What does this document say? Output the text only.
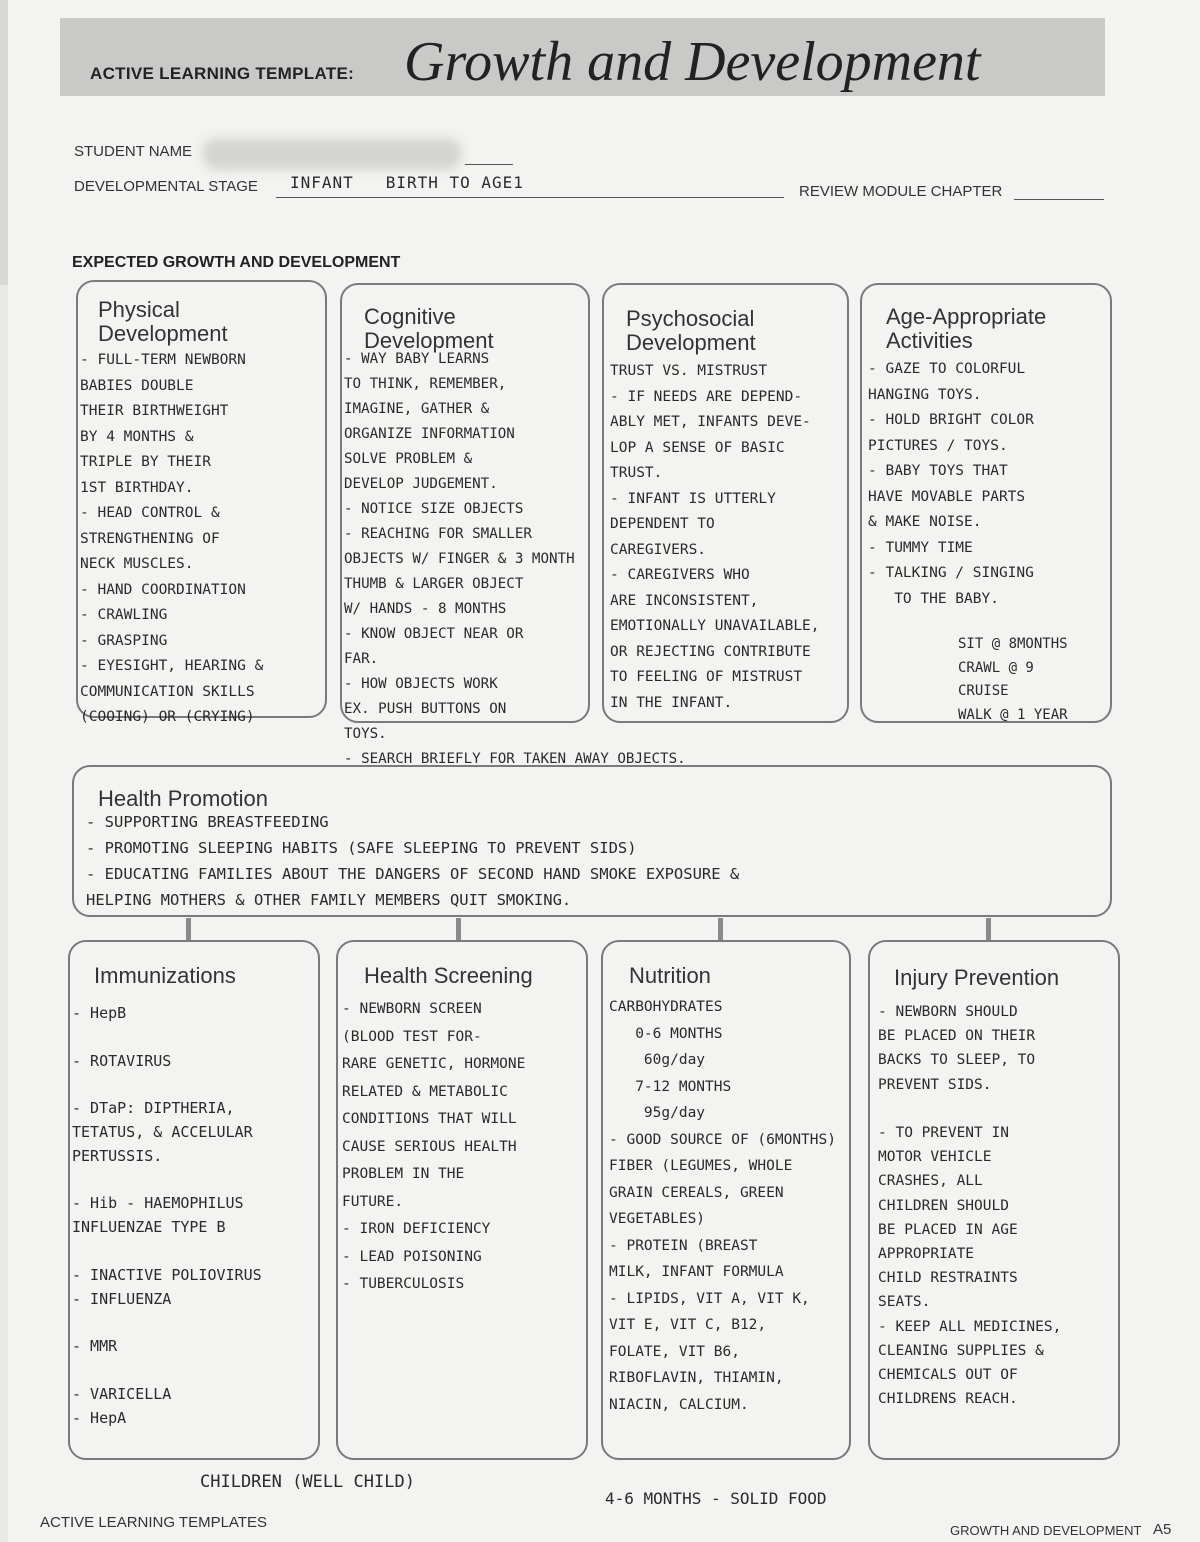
ACTIVE LEARNING TEMPLATE: Growth and Development
STUDENT NAME
DEVELOPMENTAL STAGE INFANT   BIRTH TO AGE1	REVIEW MODULE CHAPTER
EXPECTED GROWTH AND DEVELOPMENT
Physical
Development
- FULL-TERM NEWBORN
BABIES DOUBLE
THEIR BIRTHWEIGHT
BY 4 MONTHS &
TRIPLE BY THEIR
1ST BIRTHDAY.
- HEAD CONTROL &
STRENGTHENING OF
NECK MUSCLES.
- HAND COORDINATION
- CRAWLING
- GRASPING
- EYESIGHT, HEARING &
COMMUNICATION SKILLS
(COOING) OR (CRYING)
Cognitive
Development
- WAY BABY LEARNS
TO THINK, REMEMBER,
IMAGINE, GATHER &
ORGANIZE INFORMATION
SOLVE PROBLEM &
DEVELOP JUDGEMENT.
- NOTICE SIZE OBJECTS
- REACHING FOR SMALLER
OBJECTS W/ FINGER & 3 MONTH
THUMB & LARGER OBJECT
W/ HANDS - 8 MONTHS
- KNOW OBJECT NEAR OR
FAR.
- HOW OBJECTS WORK
EX. PUSH BUTTONS ON
TOYS.
- SEARCH BRIEFLY FOR TAKEN AWAY OBJECTS.
Psychosocial
Development
TRUST VS. MISTRUST
- IF NEEDS ARE DEPEND-
ABLY MET, INFANTS DEVE-
LOP A SENSE OF BASIC
TRUST.
- INFANT IS UTTERLY
DEPENDENT TO
CAREGIVERS.
- CAREGIVERS WHO
ARE INCONSISTENT,
EMOTIONALLY UNAVAILABLE,
OR REJECTING CONTRIBUTE
TO FEELING OF MISTRUST
IN THE INFANT.
Age-Appropriate
Activities
- GAZE TO COLORFUL
HANGING TOYS.
- HOLD BRIGHT COLOR
PICTURES / TOYS.
- BABY TOYS THAT
HAVE MOVABLE PARTS
& MAKE NOISE.
- TUMMY TIME
- TALKING / SINGING
TO THE BABY.
SIT @ 8MONTHS
CRAWL @ 9
CRUISE
WALK @ 1 YEAR
Health Promotion
- SUPPORTING BREASTFEEDING
- PROMOTING SLEEPING HABITS (SAFE SLEEPING TO PREVENT SIDS)
- EDUCATING FAMILIES ABOUT THE DANGERS OF SECOND HAND SMOKE EXPOSURE &
HELPING MOTHERS & OTHER FAMILY MEMBERS QUIT SMOKING.
Immunizations
- HepB

- ROTAVIRUS

- DTaP: DIPTHERIA,
TETATUS, & ACCELULAR
PERTUSSIS.

- Hib - HAEMOPHILUS
INFLUENZAE TYPE B

- INACTIVE POLIOVIRUS
- INFLUENZA

- MMR

- VARICELLA
- HepA
Health Screening
- NEWBORN SCREEN
(BLOOD TEST FOR-
RARE GENETIC, HORMONE
RELATED & METABOLIC
CONDITIONS THAT WILL
CAUSE SERIOUS HEALTH
PROBLEM IN THE
FUTURE.
- IRON DEFICIENCY
- LEAD POISONING
- TUBERCULOSIS
Nutrition
CARBOHYDRATES
0-6 MONTHS
60g/day
7-12 MONTHS
95g/day
- GOOD SOURCE OF (6MONTHS)
FIBER (LEGUMES, WHOLE
GRAIN CEREALS, GREEN
VEGETABLES)
- PROTEIN (BREAST
MILK, INFANT FORMULA
- LIPIDS, VIT A, VIT K,
VIT E, VIT C, B12,
FOLATE, VIT B6,
RIBOFLAVIN, THIAMIN,
NIACIN, CALCIUM.
Injury Prevention
- NEWBORN SHOULD
BE PLACED ON THEIR
BACKS TO SLEEP, TO
PREVENT SIDS.

- TO PREVENT IN
MOTOR VEHICLE
CRASHES, ALL
CHILDREN SHOULD
BE PLACED IN AGE
APPROPRIATE
CHILD RESTRAINTS
SEATS.
- KEEP ALL MEDICINES,
CLEANING SUPPLIES &
CHEMICALS OUT OF
CHILDRENS REACH.
CHILDREN (WELL CHILD)
4-6 MONTHS - SOLID FOOD
ACTIVE LEARNING TEMPLATES	GROWTH AND DEVELOPMENT A5
